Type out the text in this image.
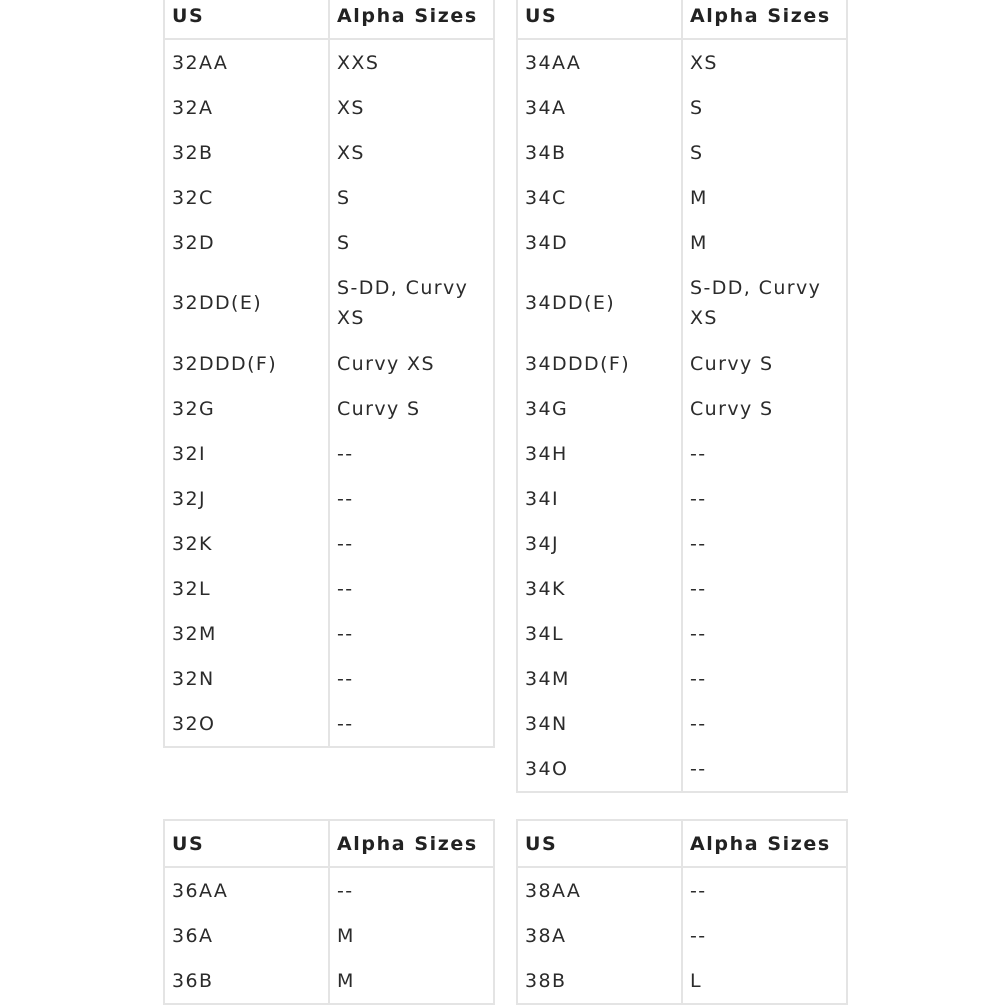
US	Alpha Sizes
32AA	XXS
32A	XS
32B	XS
32C	S
32D	S
32DD(E)	S-DD, Curvy XS
32DDD(F)	Curvy XS
32G	Curvy S
32I	--
32J	--
32K	--
32L	--
32M	--
32N	--
32O	--
US	Alpha Sizes
34AA	XS
34A	S
34B	S
34C	M
34D	M
34DD(E)	S-DD, Curvy XS
34DDD(F)	Curvy S
34G	Curvy S
34H	--
34I	--
34J	--
34K	--
34L	--
34M	--
34N	--
34O	--
US	Alpha Sizes
36AA	--
36A	M
36B	M
US	Alpha Sizes
38AA	--
38A	--
38B	L
